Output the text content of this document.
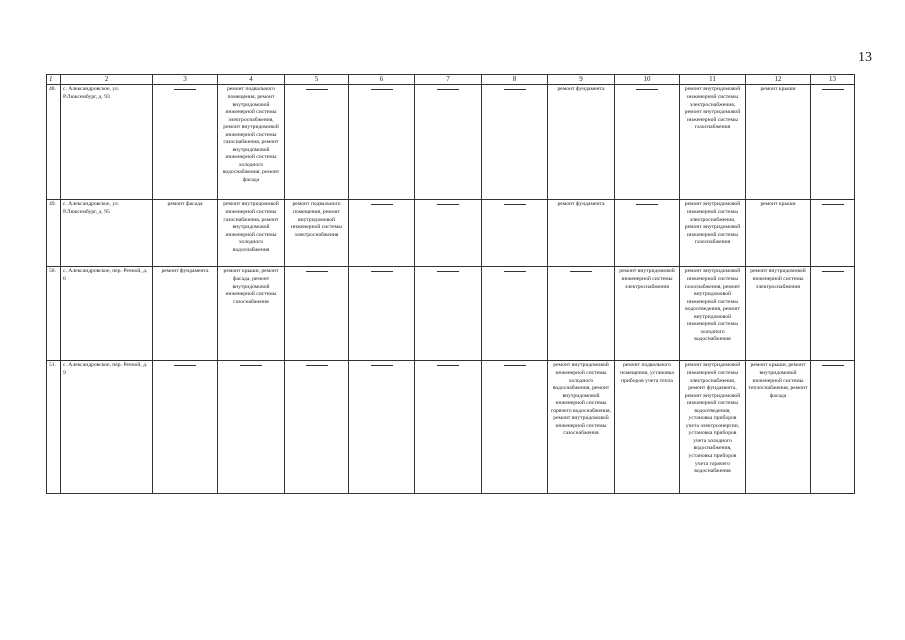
13
1	2	3	4	5	6	7	8	9	10	11	12	13
48.	с. Александровское, ул. Р.Люксембург, д. 93		ремонт подвального помещения, ремонт внутридомовой инженерной системы электроснабжения, ремонт внутридомовой инженерной системы газоснабжения, ремонт внутридомовой инженерной системы холодного водоснабжения, ремонт фасада					ремонт фундамента		ремонт внутридомовой инженерной системы электроснабжения, ремонт внутридомовой инженерной системы газоснабжения	ремонт крыши	
49.	с. Александровское, ул. Р.Люксембург, д. 95	ремонт фасада	ремонт внутридомовой инженерной системы газоснабжения, ремонт внутридомовой инженерной системы холодного водоснабжения	ремонт подвального помещения, ремонт внутридомовой инженерной системы электроснабжения				ремонт фундамента		ремонт внутридомовой инженерной системы электроснабжения, ремонт внутридомовой инженерной системы газоснабжения	ремонт крыши	
50.	с. Александровское, пер. Речной, д. 6	ремонт фундамента	ремонт крыши, ремонт фасада, ремонт внутридомовой инженерной системы газоснабжения						ремонт внутридомовой инженерной системы электроснабжения	ремонт внутридомовой инженерной системы газоснабжения, ремонт внутридомовой инженерной системы водоотведения, ремонт внутридомовой инженерной системы холодного водоснабжения	ремонт внутридомовой инженерной системы электроснабжения	
51.	с. Александровское, пер. Речной, д. 9							ремонт внутридомовой инженерной системы холодного водоснабжения, ремонт внутридомовой инженерной системы горячего водоснабжения, ремонт внутридомовой инженерной системы газоснабжения	ремонт подвального помещения, установка приборов учета тепла	ремонт внутридомовой инженерной системы электроснабжения, ремонт фундамента, ремонт внутридомовой инженерной системы водоотведения, установка приборов учета электроэнергии, установка приборов учета холодного водоснабжения, установка приборов учета горячего водоснабжения	ремонт крыши, ремонт внутридомовой инженерной системы теплоснабжения, ремонт фасада	
